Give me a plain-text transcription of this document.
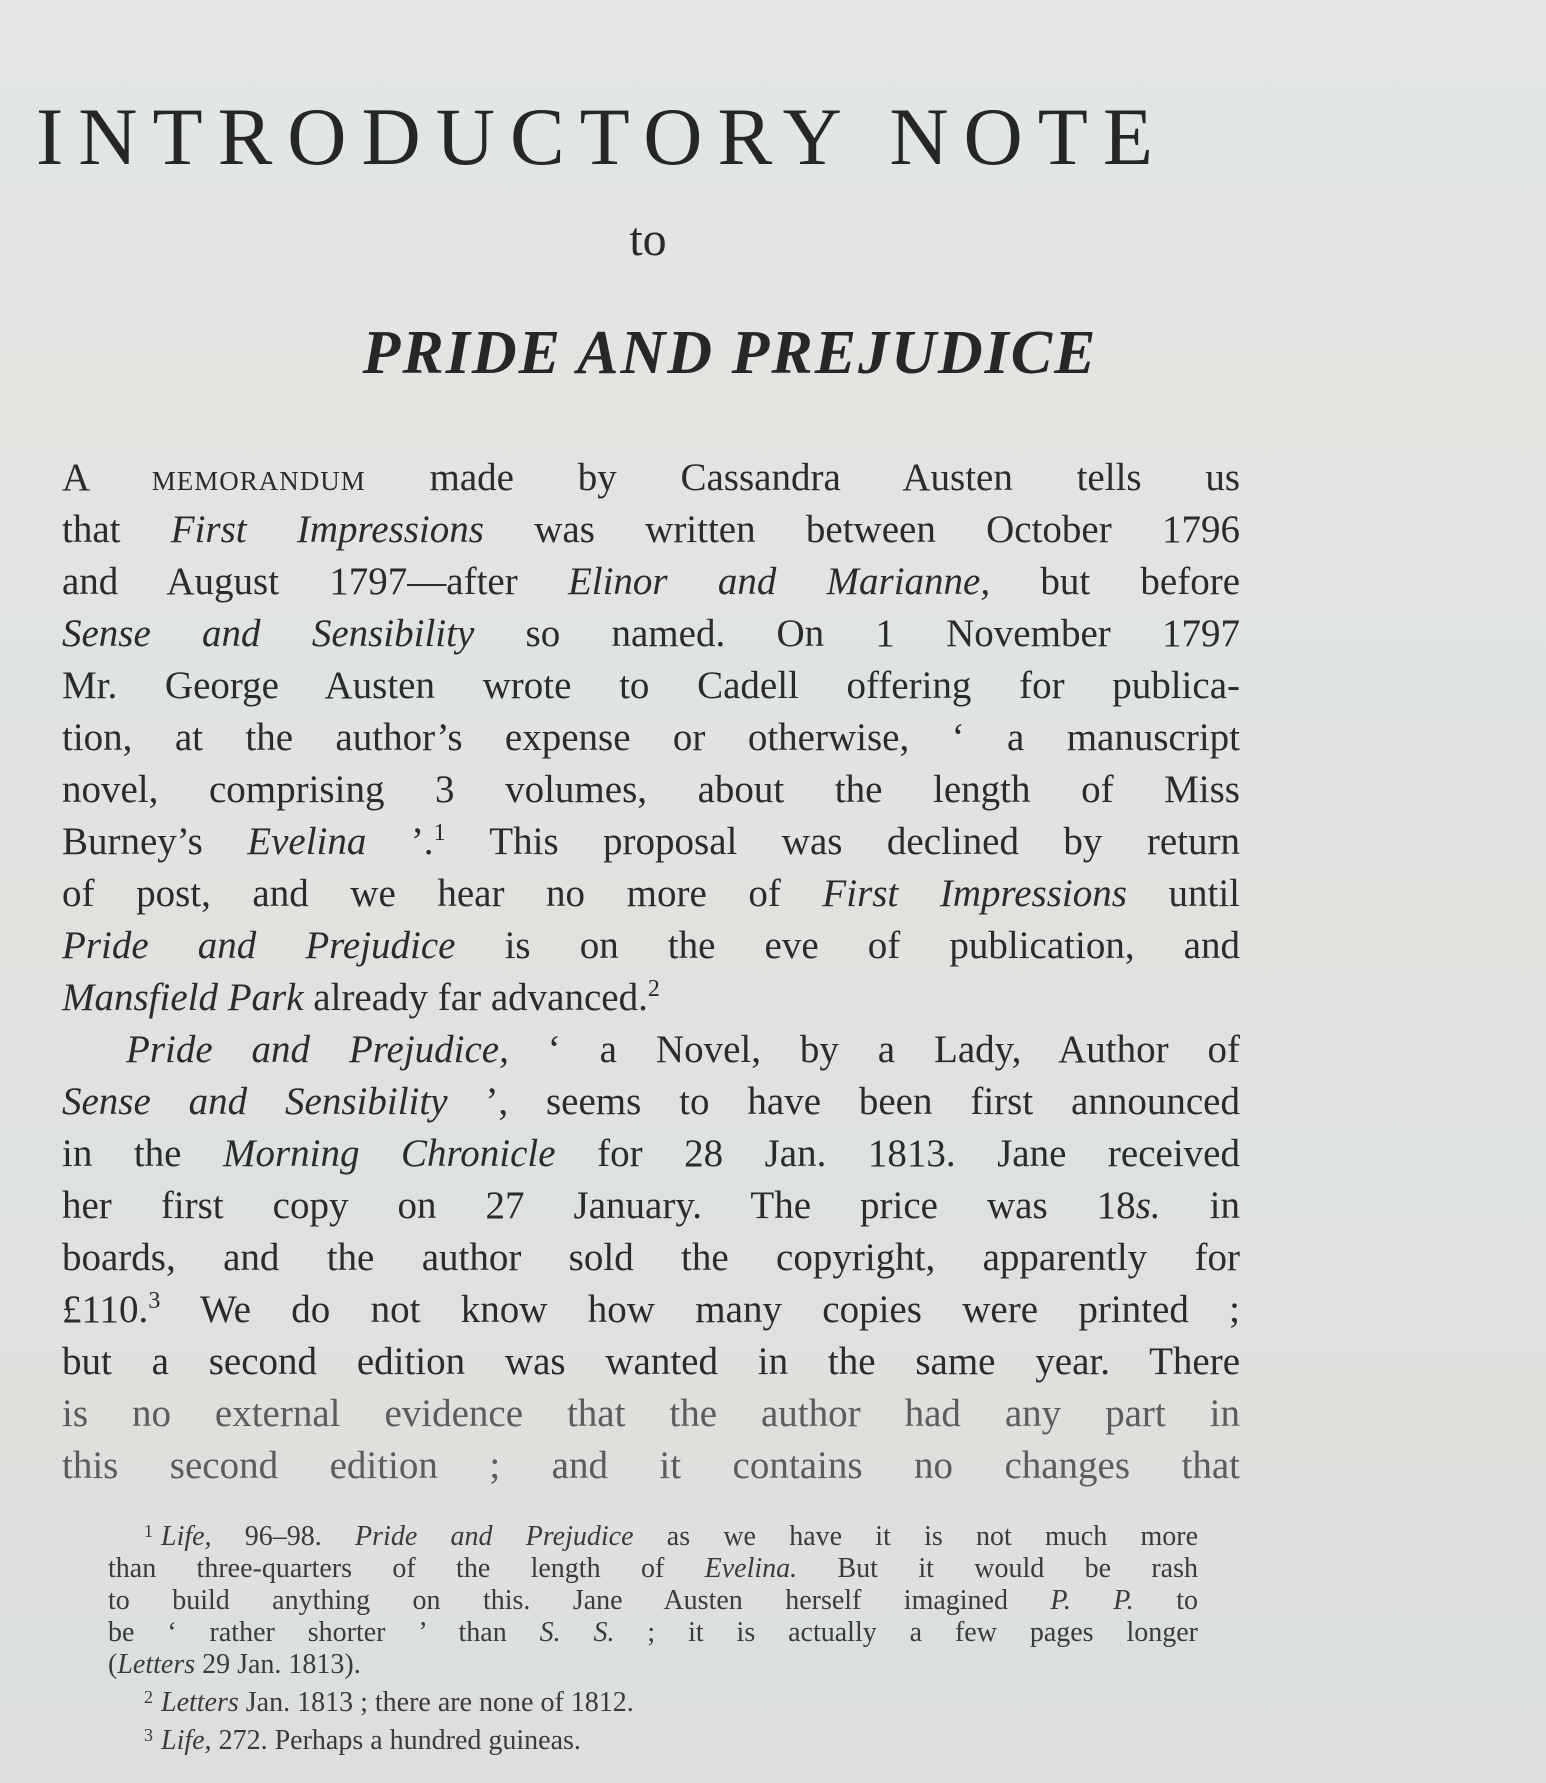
INTRODUCTORY NOTE
to
PRIDE AND PREJUDICE

A memorandum made by Cassandra Austen tells us
that First Impressions was written between October 1796
and August 1797—after Elinor and Marianne, but before
Sense and Sensibility so named. On 1 November 1797
Mr. George Austen wrote to Cadell offering for publica-
tion, at the author’s expense or otherwise, ‘ a manuscript
novel, comprising 3 volumes, about the length of Miss
Burney’s Evelina ’.$^1$ This proposal was declined by return
of post, and we hear no more of First Impressions until
Pride and Prejudice is on the eve of publication, and
Mansfield Park already far advanced.$^2$

Pride and Prejudice, ‘ a Novel, by a Lady, Author of
Sense and Sensibility ’, seems to have been first announced
in the Morning Chronicle for 28 Jan. 1813. Jane received
her first copy on 27 January. The price was 18s. in
boards, and the author sold the copyright, apparently for
£110.$^3$ We do not know how many copies were printed ;
but a second edition was wanted in the same year. There
is no external evidence that the author had any part in
this second edition ; and it contains no changes that

$^1$ Life, 96–98. Pride and Prejudice as we have it is not much more
than three-quarters of the length of Evelina. But it would be rash
to build anything on this. Jane Austen herself imagined P. P. to
be ‘ rather shorter ’ than S. S. ; it is actually a few pages longer
(Letters 29 Jan. 1813).

$^2$ Letters Jan. 1813 ; there are none of 1812.

$^3$ Life, 272. Perhaps a hundred guineas.
